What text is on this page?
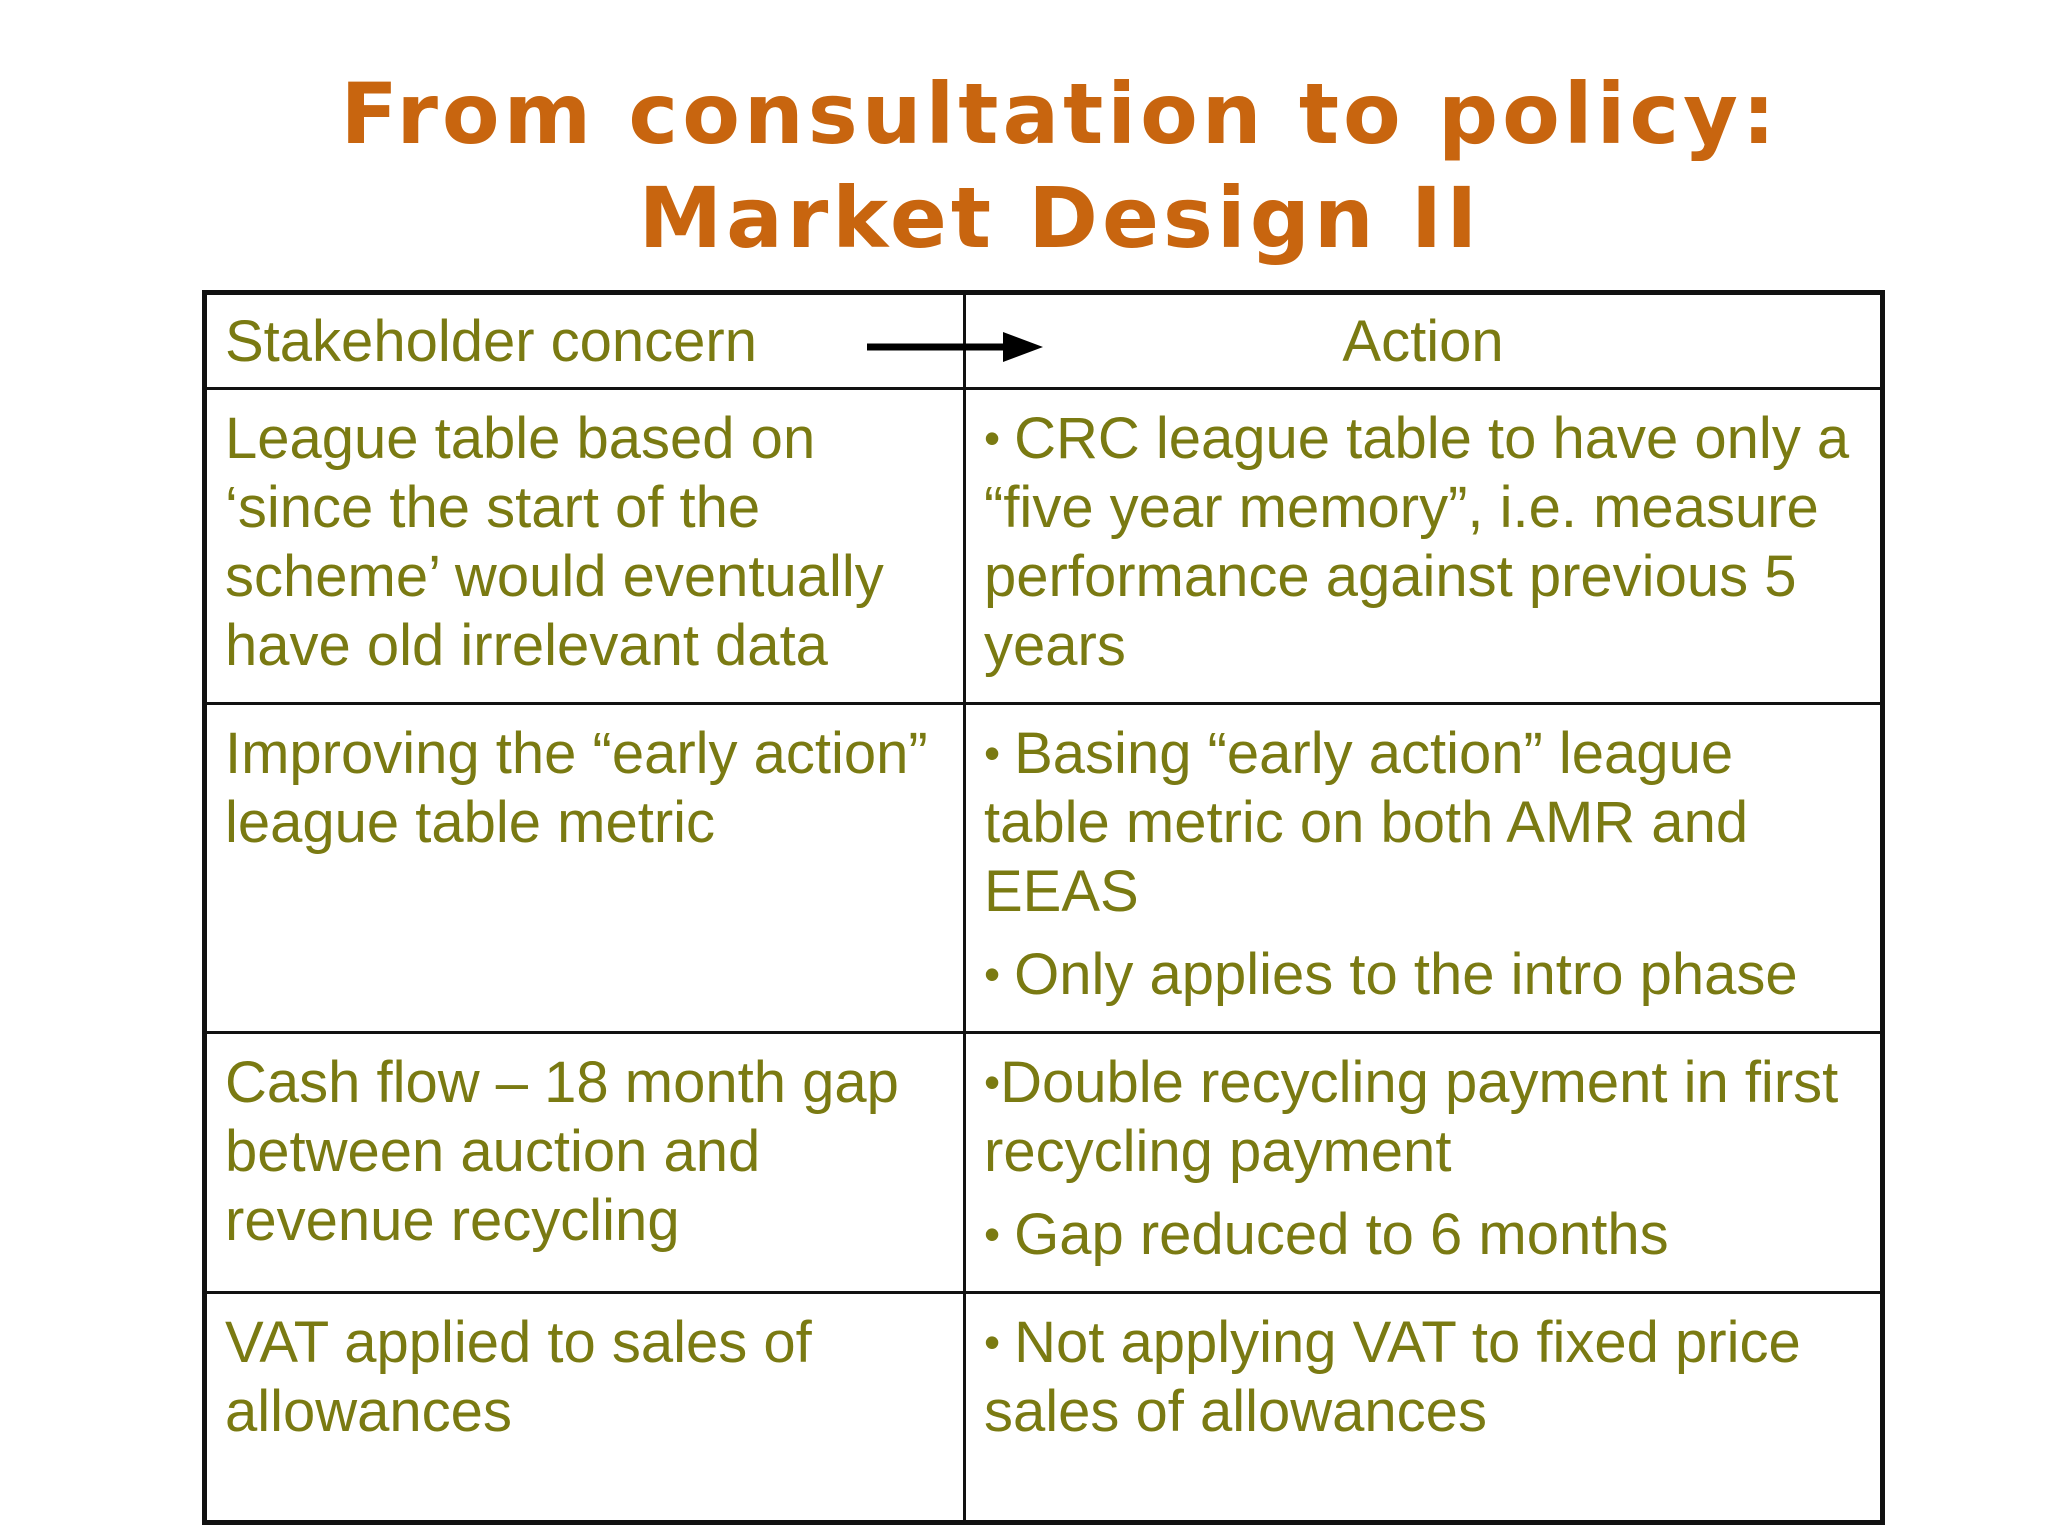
From consultation to policy: Market Design II
Stakeholder concern	Action
League table based on ‘since the start of the scheme’ would eventually have old irrelevant data	• CRC league table to have only a “five year memory”, i.e. measure performance against previous 5 years

Improving the “early action” league table metric	• Basing “early action” league table metric on both AMR and EEAS
• Only applies to the intro phase

Cash flow – 18 month gap between auction and revenue recycling	•Double recycling payment in first recycling payment
• Gap reduced to 6 months

VAT applied to sales of allowances	• Not applying VAT to fixed price sales of allowances
